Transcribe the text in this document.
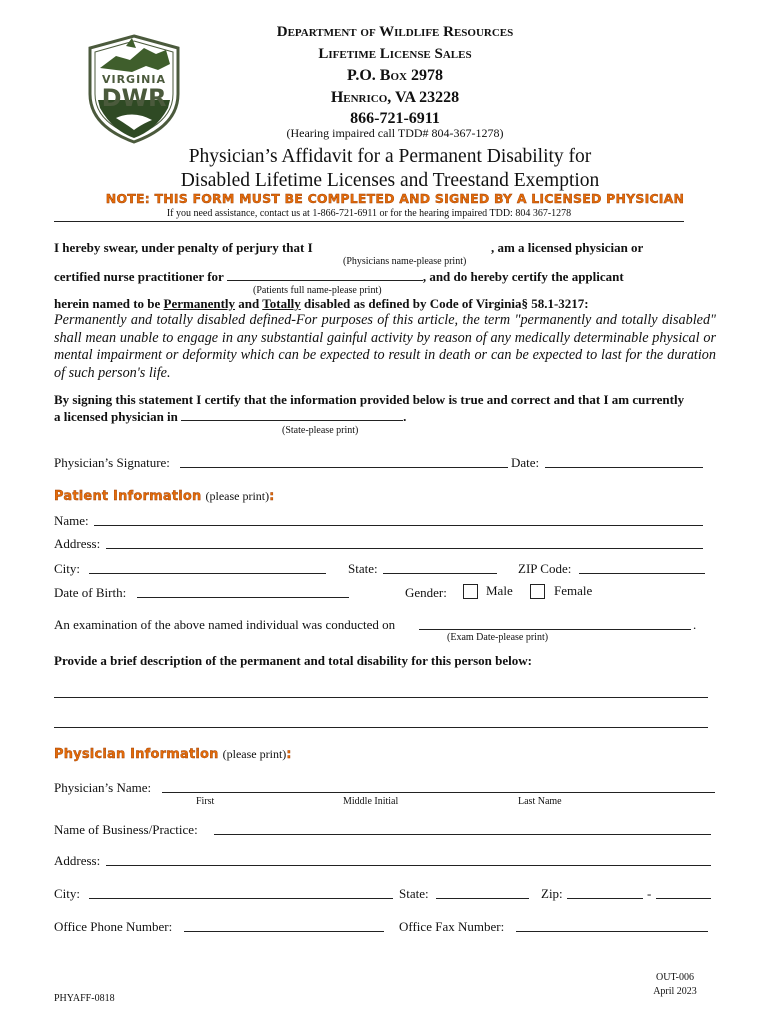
VIRGINIA
DWR
Department of Wildlife Resources
Lifetime License Sales
P.O. Box 2978
Henrico, VA 23228
866-721-6911
(Hearing impaired call TDD# 804-367-1278)
Physician’s Affidavit for a Permanent Disability for
Disabled Lifetime Licenses and Treestand Exemption
NOTE: THIS FORM MUST BE COMPLETED AND SIGNED BY A LICENSED PHYSICIAN
If you need assistance, contact us at 1-866-721-6911 or for the hearing impaired TDD: 804 367-1278
I hereby swear, under penalty of perjury that I	, am a licensed physician or
(Physicians name-please print)
certified nurse practitioner for	, and do hereby certify the applicant
(Patients full name-please print)
herein named to be Permanently and Totally disabled as defined by Code of Virginia§ 58.1-3217:
Permanently and totally disabled defined-For purposes of this article, the term "permanently and totally disabled" shall mean unable to engage in any substantial gainful activity by reason of any medically determinable physical or mental impairment or deformity which can be expected to result in death or can be expected to last for the duration of such person's life.
By signing this statement I certify that the information provided below is true and correct and that I am currently
a licensed physician in	.
(State-please print)
Physician’s Signature:	Date:
Patient Information (please print):
Name:
Address:
City:	State:	ZIP Code:
Date of Birth:	Gender:	Male	Female
An examination of the above named individual was conducted on	.
(Exam Date-please print)
Provide a brief description of the permanent and total disability for this person below:
Physician Information (please print):
Physician’s Name:
First	Middle Initial	Last Name
Name of Business/Practice:
Address:
City:	State:	Zip:	-
Office Phone Number:	Office Fax Number:
PHYAFF-0818
OUT-006
April 2023
